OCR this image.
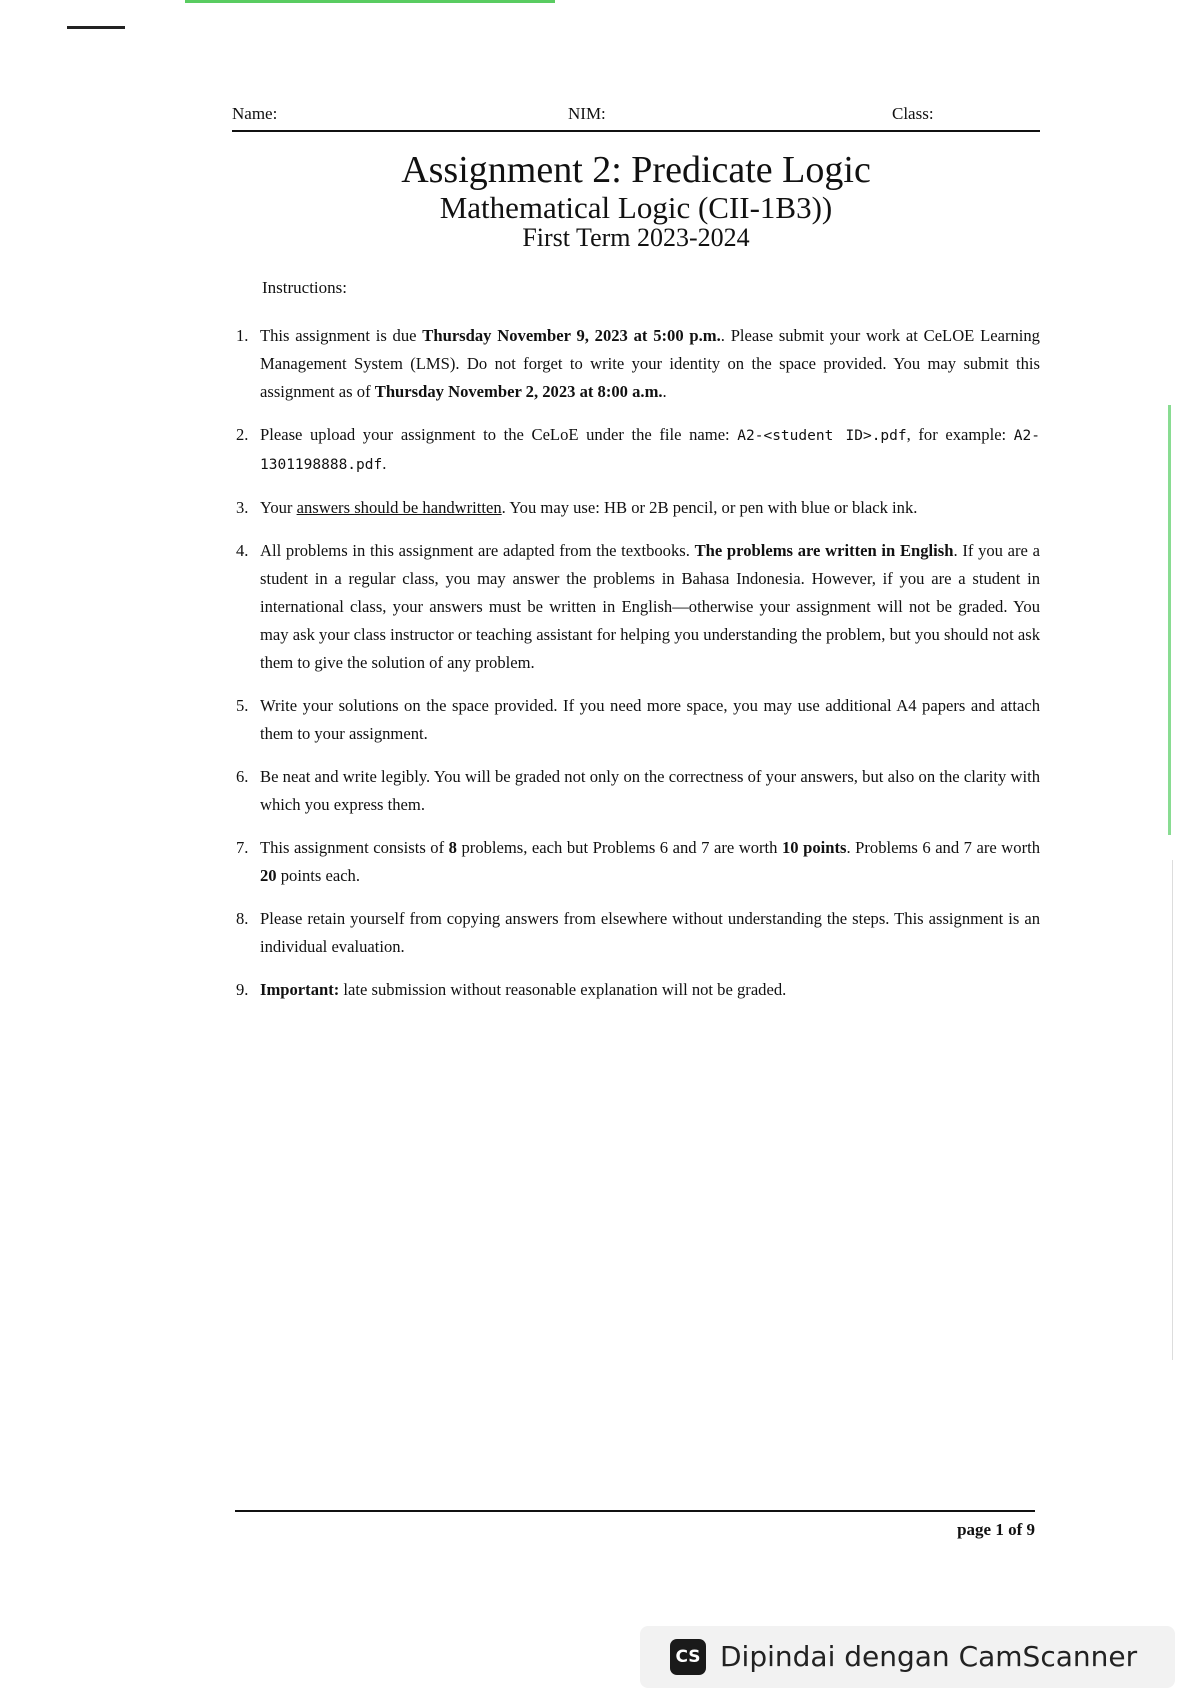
Name:	NIM:	Class:
Assignment 2: Predicate Logic
Mathematical Logic (CII-1B3))
First Term 2023-2024
Instructions:
1. This assignment is due Thursday November 9, 2023 at 5:00 p.m.. Please submit your work at CeLOE Learning Management System (LMS). Do not forget to write your identity on the space provided. You may submit this assignment as of Thursday November 2, 2023 at 8:00 a.m..
2. Please upload your assignment to the CeLoE under the file name: A2-<student ID>.pdf, for example: A2-1301198888.pdf.
3. Your answers should be handwritten. You may use: HB or 2B pencil, or pen with blue or black ink.
4. All problems in this assignment are adapted from the textbooks. The problems are written in English. If you are a student in a regular class, you may answer the problems in Bahasa Indonesia. However, if you are a student in international class, your answers must be written in English—otherwise your assignment will not be graded. You may ask your class instructor or teaching assistant for helping you understanding the problem, but you should not ask them to give the solution of any problem.
5. Write your solutions on the space provided. If you need more space, you may use additional A4 papers and attach them to your assignment.
6. Be neat and write legibly. You will be graded not only on the correctness of your answers, but also on the clarity with which you express them.
7. This assignment consists of 8 problems, each but Problems 6 and 7 are worth 10 points. Problems 6 and 7 are worth 20 points each.
8. Please retain yourself from copying answers from elsewhere without understanding the steps. This assignment is an individual evaluation.
9. Important: late submission without reasonable explanation will not be graded.
page 1 of 9
CS Dipindai dengan CamScanner
